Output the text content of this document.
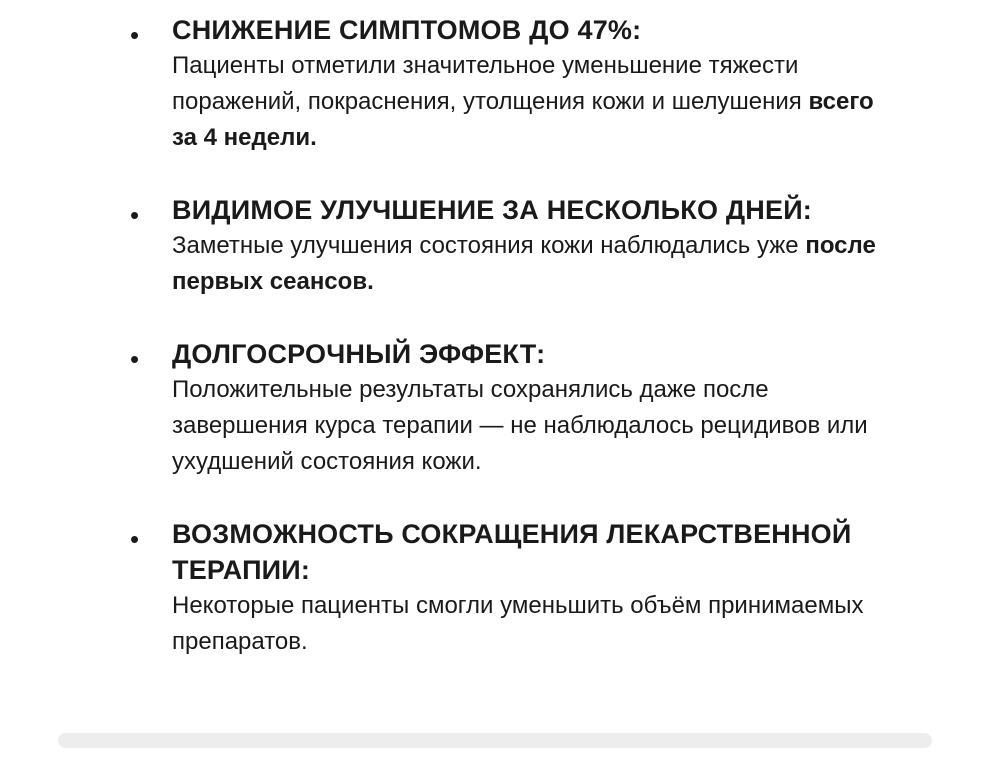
• СНИЖЕНИЕ СИМПТОМОВ ДО 47%:
Пациенты отметили значительное уменьшение тяжести поражений, покраснения, утолщения кожи и шелушения всего за 4 недели.
• ВИДИМОЕ УЛУЧШЕНИЕ ЗА НЕСКОЛЬКО ДНЕЙ:
Заметные улучшения состояния кожи наблюдались уже после первых сеансов.
• ДОЛГОСРОЧНЫЙ ЭФФЕКТ:
Положительные результаты сохранялись даже после завершения курса терапии — не наблюдалось рецидивов или ухудшений состояния кожи.
• ВОЗМОЖНОСТЬ СОКРАЩЕНИЯ ЛЕКАРСТВЕННОЙ ТЕРАПИИ:
Некоторые пациенты смогли уменьшить объём принимаемых препаратов.
